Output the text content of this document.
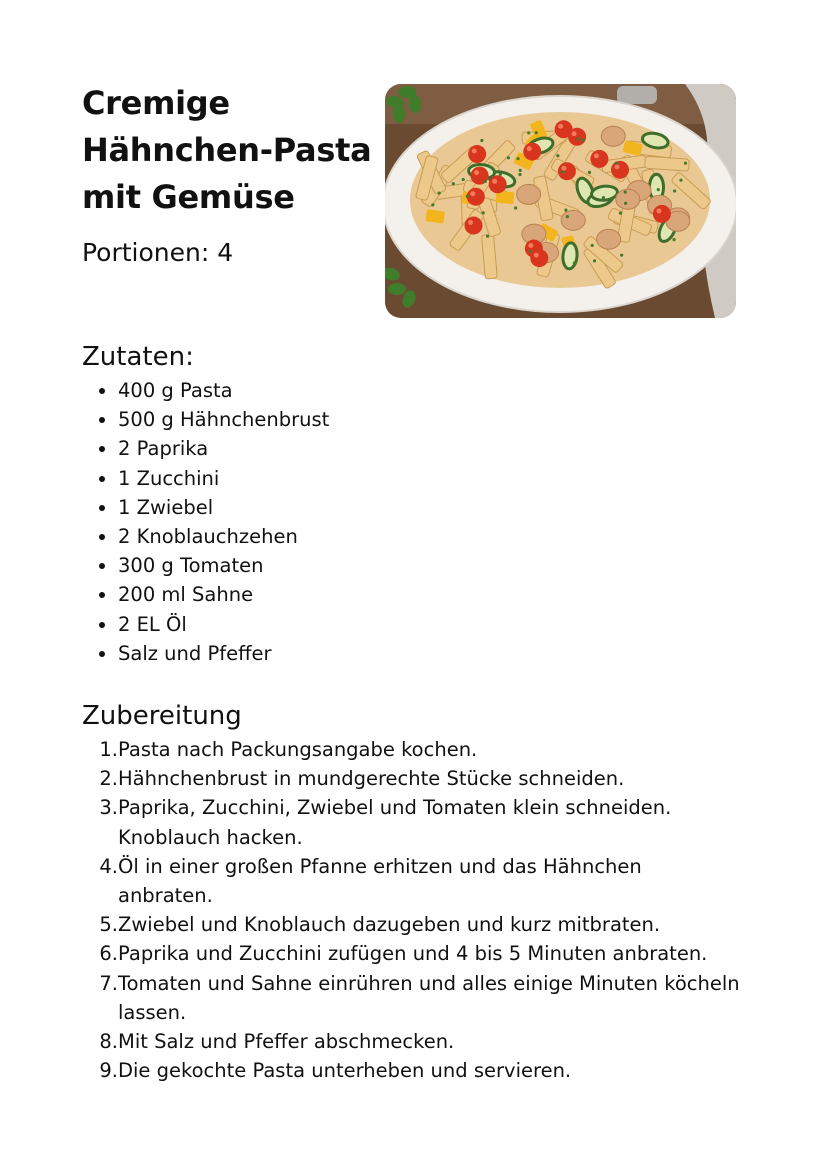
Cremige Hähnchen-Pasta mit Gemüse

Portionen: 4

Zutaten:
400 g Pasta
500 g Hähnchenbrust
2 Paprika
1 Zucchini
1 Zwiebel
2 Knoblauchzehen
300 g Tomaten
200 ml Sahne
2 EL Öl
Salz und Pfeffer
Zubereitung
1. Pasta nach Packungsangabe kochen.
2. Hähnchenbrust in mundgerechte Stücke schneiden.
3. Paprika, Zucchini, Zwiebel und Tomaten klein schneiden. Knoblauch hacken.
4. Öl in einer großen Pfanne erhitzen und das Hähnchen anbraten.
5. Zwiebel und Knoblauch dazugeben und kurz mitbraten.
6. Paprika und Zucchini zufügen und 4 bis 5 Minuten anbraten.
7. Tomaten und Sahne einrühren und alles einige Minuten köcheln lassen.
8. Mit Salz und Pfeffer abschmecken.
9. Die gekochte Pasta unterheben und servieren.
